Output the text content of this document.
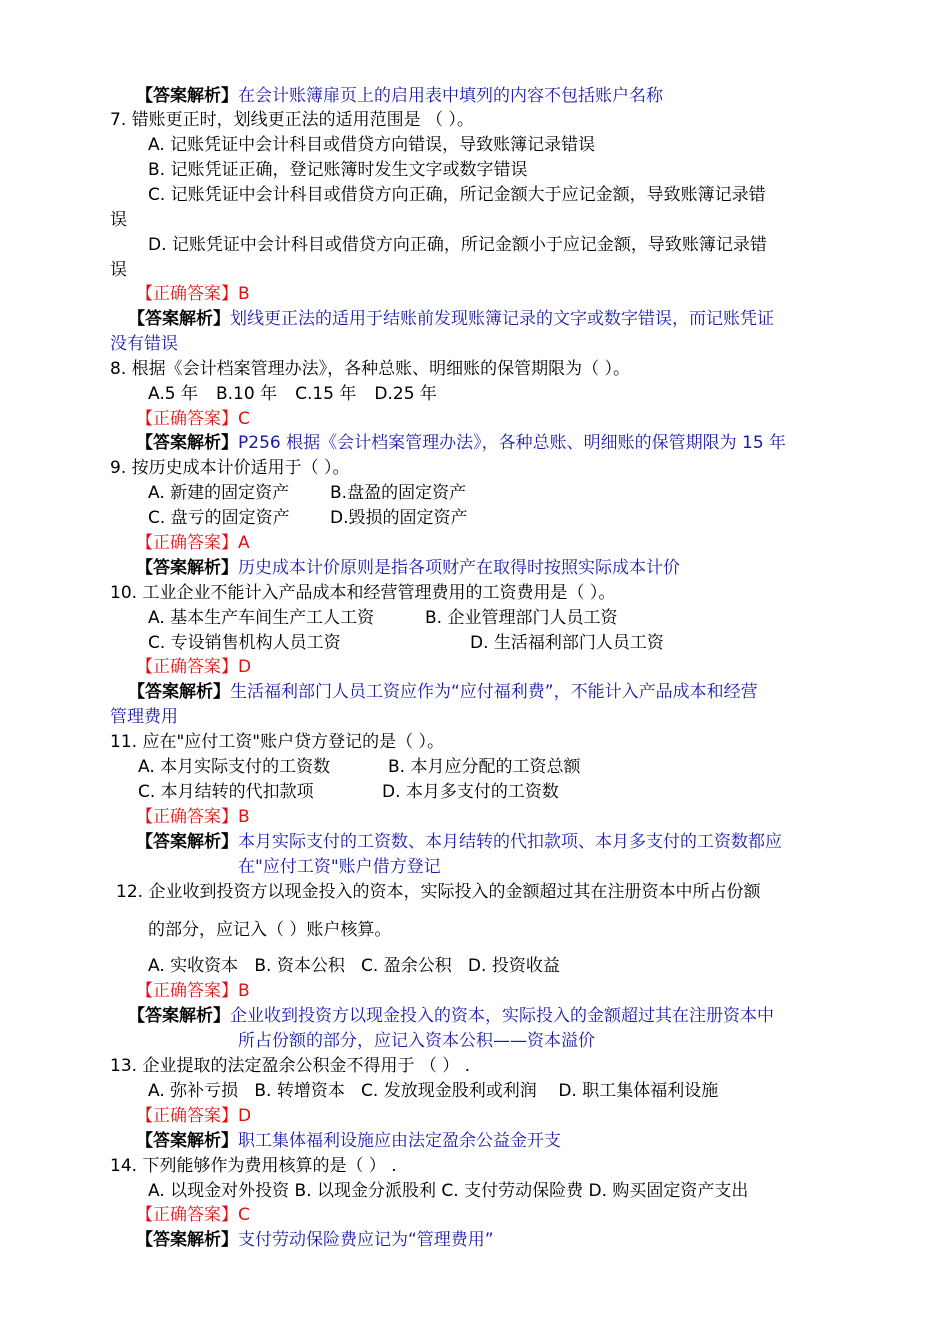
【答案解析】在会计账簿扉页上的启用表中填列的内容不包括账户名称
7. 错账更正时，划线更正法的适用范围是 （ ）。
A. 记账凭证中会计科目或借贷方向错误，导致账簿记录错误
B. 记账凭证正确，登记账簿时发生文字或数字错误
C. 记账凭证中会计科目或借贷方向正确，所记金额大于应记金额，导致账簿记录错
误
D. 记账凭证中会计科目或借贷方向正确，所记金额小于应记金额，导致账簿记录错
误
【正确答案】B
【答案解析】划线更正法的适用于结账前发现账簿记录的文字或数字错误，而记账凭证
没有错误
8. 根据《会计档案管理办法》，各种总账、明细账的保管期限为（ ）。
A.5 年 B.10 年 C.15 年 D.25 年
【正确答案】C
【答案解析】P256 根据《会计档案管理办法》，各种总账、明细账的保管期限为 15 年
9. 按历史成本计价适用于（ ）。
A. 新建的固定资产 B.盘盈的固定资产
C. 盘亏的固定资产 D.毁损的固定资产
【正确答案】A
【答案解析】历史成本计价原则是指各项财产在取得时按照实际成本计价
10. 工业企业不能计入产品成本和经营管理费用的工资费用是（ ）。
A. 基本生产车间生产工人工资	B. 企业管理部门人员工资
C. 专设销售机构人员工资	D. 生活福利部门人员工资
【正确答案】D
【答案解析】生活福利部门人员工资应作为“应付福利费”，不能计入产品成本和经营
管理费用
11. 应在"应付工资"账户贷方登记的是（ ）。
A. 本月实际支付的工资数	B. 本月应分配的工资总额
C. 本月结转的代扣款项	D. 本月多支付的工资数
【正确答案】B
【答案解析】本月实际支付的工资数、本月结转的代扣款项、本月多支付的工资数都应
在"应付工资"账户借方登记
12. 企业收到投资方以现金投入的资本，实际投入的金额超过其在注册资本中所占份额
的部分，应记入（ ）账户核算。
A. 实收资本   B. 资本公积   C. 盈余公积   D. 投资收益
【正确答案】B
【答案解析】企业收到投资方以现金投入的资本，实际投入的金额超过其在注册资本中
所占份额的部分，应记入资本公积——资本溢价
13. 企业提取的法定盈余公积金不得用于 （ ） .
A. 弥补亏损   B. 转增资本   C. 发放现金股利或利润    D. 职工集体福利设施
【正确答案】D
【答案解析】职工集体福利设施应由法定盈余公益金开支
14. 下列能够作为费用核算的是（ ） .
A. 以现金对外投资 B. 以现金分派股利 C. 支付劳动保险费 D. 购买固定资产支出
【正确答案】C
【答案解析】支付劳动保险费应记为“管理费用”
